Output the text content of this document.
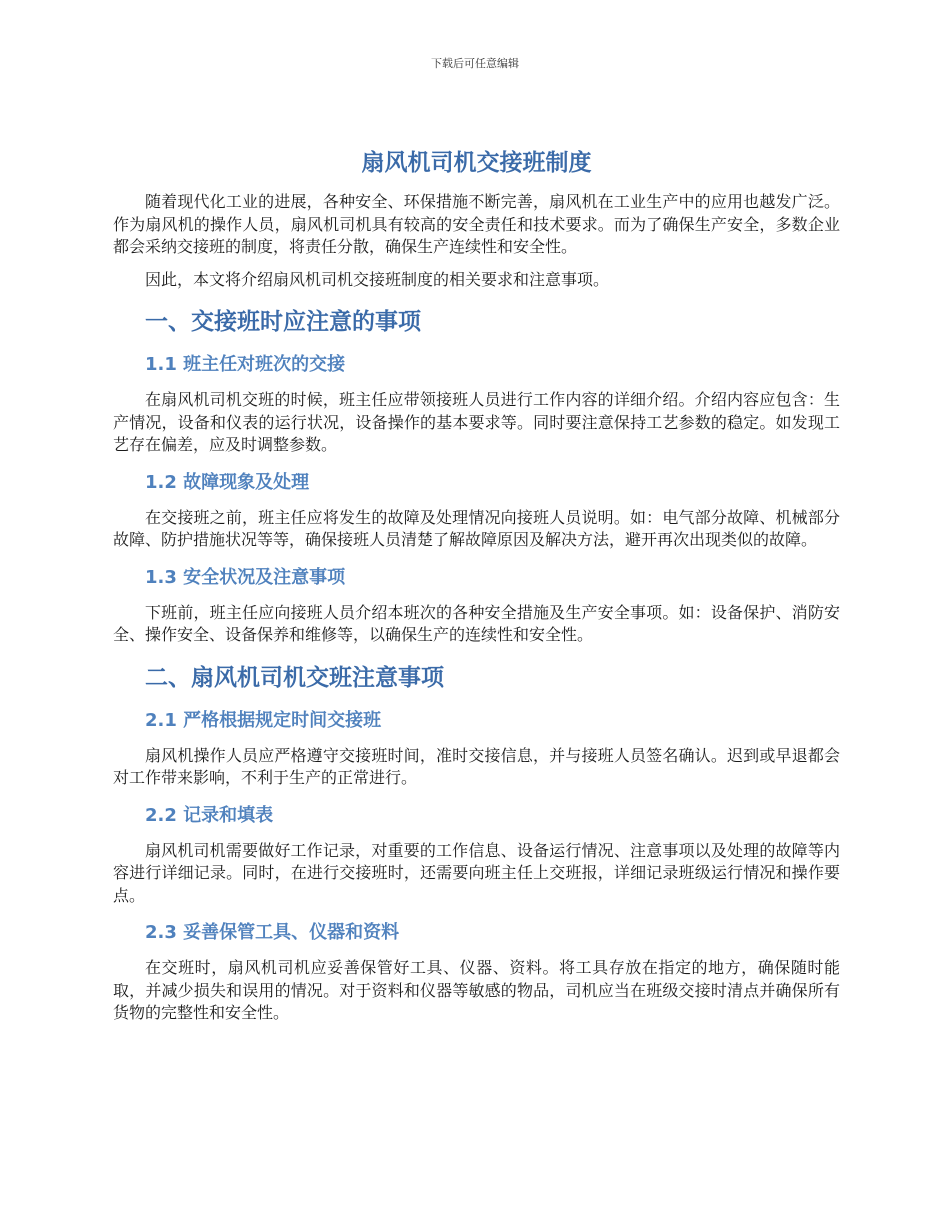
下载后可任意编辑
扇风机司机交接班制度

随着现代化工业的进展，各种安全、环保措施不断完善，扇风机在工业生产中的应用也越发广泛。作为扇风机的操作人员，扇风机司机具有较高的安全责任和技术要求。而为了确保生产安全，多数企业都会采纳交接班的制度，将责任分散，确保生产连续性和安全性。

因此，本文将介绍扇风机司机交接班制度的相关要求和注意事项。

一、交接班时应注意的事项
1.1 班主任对班次的交接

在扇风机司机交班的时候，班主任应带领接班人员进行工作内容的详细介绍。介绍内容应包含：生产情况，设备和仪表的运行状况，设备操作的基本要求等。同时要注意保持工艺参数的稳定。如发现工艺存在偏差，应及时调整参数。

1.2 故障现象及处理

在交接班之前，班主任应将发生的故障及处理情况向接班人员说明。如：电气部分故障、机械部分故障、防护措施状况等等，确保接班人员清楚了解故障原因及解决方法，避开再次出现类似的故障。

1.3 安全状况及注意事项

下班前，班主任应向接班人员介绍本班次的各种安全措施及生产安全事项。如：设备保护、消防安全、操作安全、设备保养和维修等，以确保生产的连续性和安全性。

二、扇风机司机交班注意事项
2.1 严格根据规定时间交接班

扇风机操作人员应严格遵守交接班时间，准时交接信息，并与接班人员签名确认。迟到或早退都会对工作带来影响，不利于生产的正常进行。

2.2 记录和填表

扇风机司机需要做好工作记录，对重要的工作信息、设备运行情况、注意事项以及处理的故障等内容进行详细记录。同时，在进行交接班时，还需要向班主任上交班报，详细记录班级运行情况和操作要点。

2.3 妥善保管工具、仪器和资料

在交班时，扇风机司机应妥善保管好工具、仪器、资料。将工具存放在指定的地方，确保随时能取，并减少损失和误用的情况。对于资料和仪器等敏感的物品，司机应当在班级交接时清点并确保所有货物的完整性和安全性。
